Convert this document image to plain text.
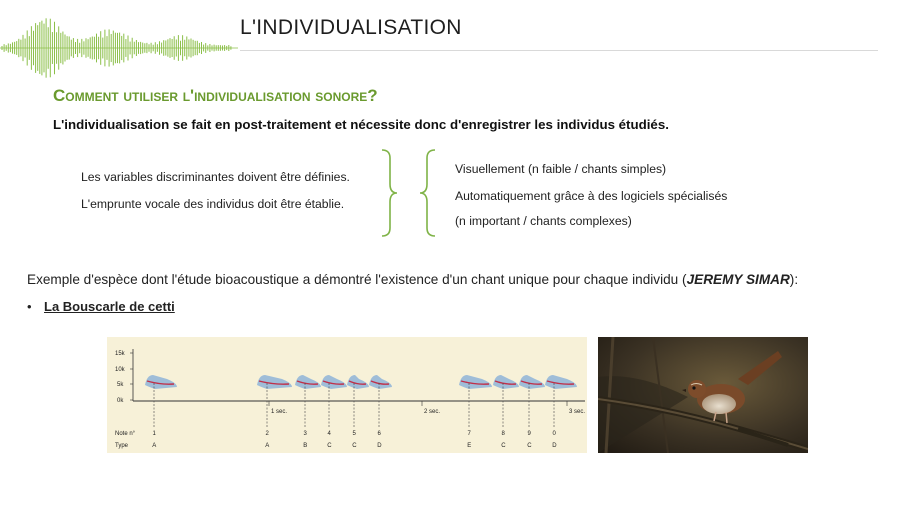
L'INDIVIDUALISATION
Comment utiliser l'individualisation sonore?
L'individualisation se fait en post-traitement et nécessite donc d'enregistrer les individus étudiés.
Les variables discriminantes doivent être définies.
L'emprunte vocale des individus doit être établie.
Visuellement (n faible / chants simples)
Automatiquement grâce à des logiciels spécialisés
(n important / chants complexes)
Exemple d'espèce dont l'étude bioacoustique a démontré l'existence d'un chant unique pour chaque individu (JEREMY SIMAR):
• La Bouscarle de cetti
15k
10k
5k
0k
1 sec.	2 sec.	3 sec.
Note n°
Type
1
A
2
A
3
B
4
C
5
C
6
D
7
E
8
C
9
C
0
D
